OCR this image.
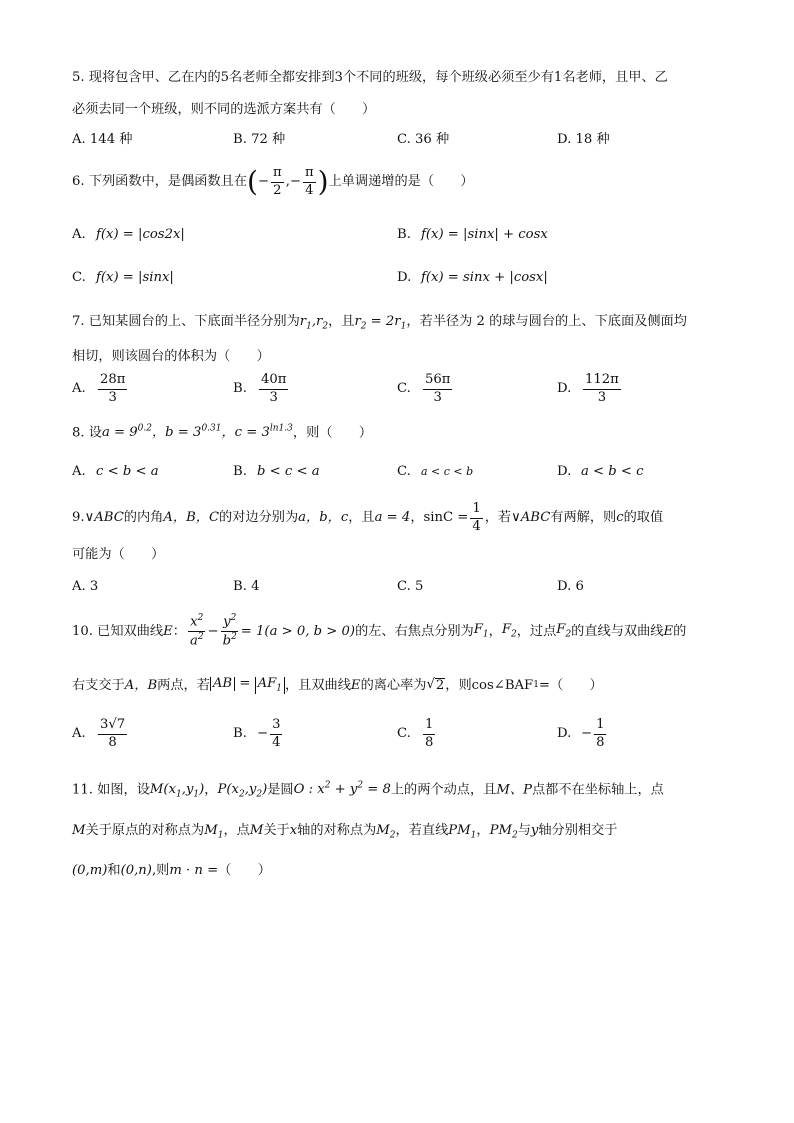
5. 现将包含甲、乙在内的5名老师全都安排到3个不同的班级，每个班级必须至少有1名老师，且甲、乙
必须去同一个班级，则不同的选派方案共有（　　）
A. 144 种	B. 72 种	C. 36 种	D. 18 种
6. 下列函数中，是偶函数且在 ( − $\frac{\pi}{2}$ ,− $\frac{\pi}{4}$ ) 上单调递增的是（　　）
A. f(x) = |cos2x|	B. f(x) = |sinx| + cosx
C. f(x) = |sinx|	D. f(x) = sinx + |cosx|
7. 已知某圆台的上、下底面半径分别为$r_1,r_2$，且$r_2 = 2r_1$，若半径为 2 的球与圆台的上、下底面及侧面均
相切，则该圆台的体积为（　　）
A. $\frac{28\pi}{3}$	B. $\frac{40\pi}{3}$	C. $\frac{56\pi}{3}$	D. $\frac{112\pi}{3}$
8. 设$a = 9^{0.2}$，$b = 3^{0.31}$，$c = 3^{ln1.3}$，则（　　）
A. c < b < a	B. b < c < a	C. a < c < b	D. a < b < c
9. ∨ABC 的内角 A，B，C 的对边分别为 a，b，c ，且 a = 4 ，$\sin C = \frac{1}{4}$ ，若 ∨ABC 有两解，则 c 的取值
可能为（　　）
A. 3	B. 4	C. 5	D. 6
10. 已知双曲线 E ： $\frac{x^2}{a^2} - \frac{y^2}{b^2} = 1(a > 0$, b > 0) 的左、右焦点分别为 $F_1$ ， $F_2$ ，过点 $F_2$ 的直线与双曲线 E 的
右支交于 A，B 两点，若 AB = $AF_1$ ，且双曲线 E 的离心率为 √ 2 ，则cos∠BAF 1 =（　　）
A. $\frac{3√7}{8}$	B. − $\frac{3}{4}$	C. $\frac{1}{8}$	D. − $\frac{1}{8}$
11. 如图，设$M(x_1,y_1)$，$P(x_2,y_2)$是圆O : $x^2 + y^2 = 8$上的两个动点，且M、P点都不在坐标轴上，点
M关于原点的对称点为$M_1$，点M关于x轴的对称点为$M_2$，若直线$PM_1$，$PM_2$与y轴分别相交于
(0,m)和(0,n),则m · n =（　　）
